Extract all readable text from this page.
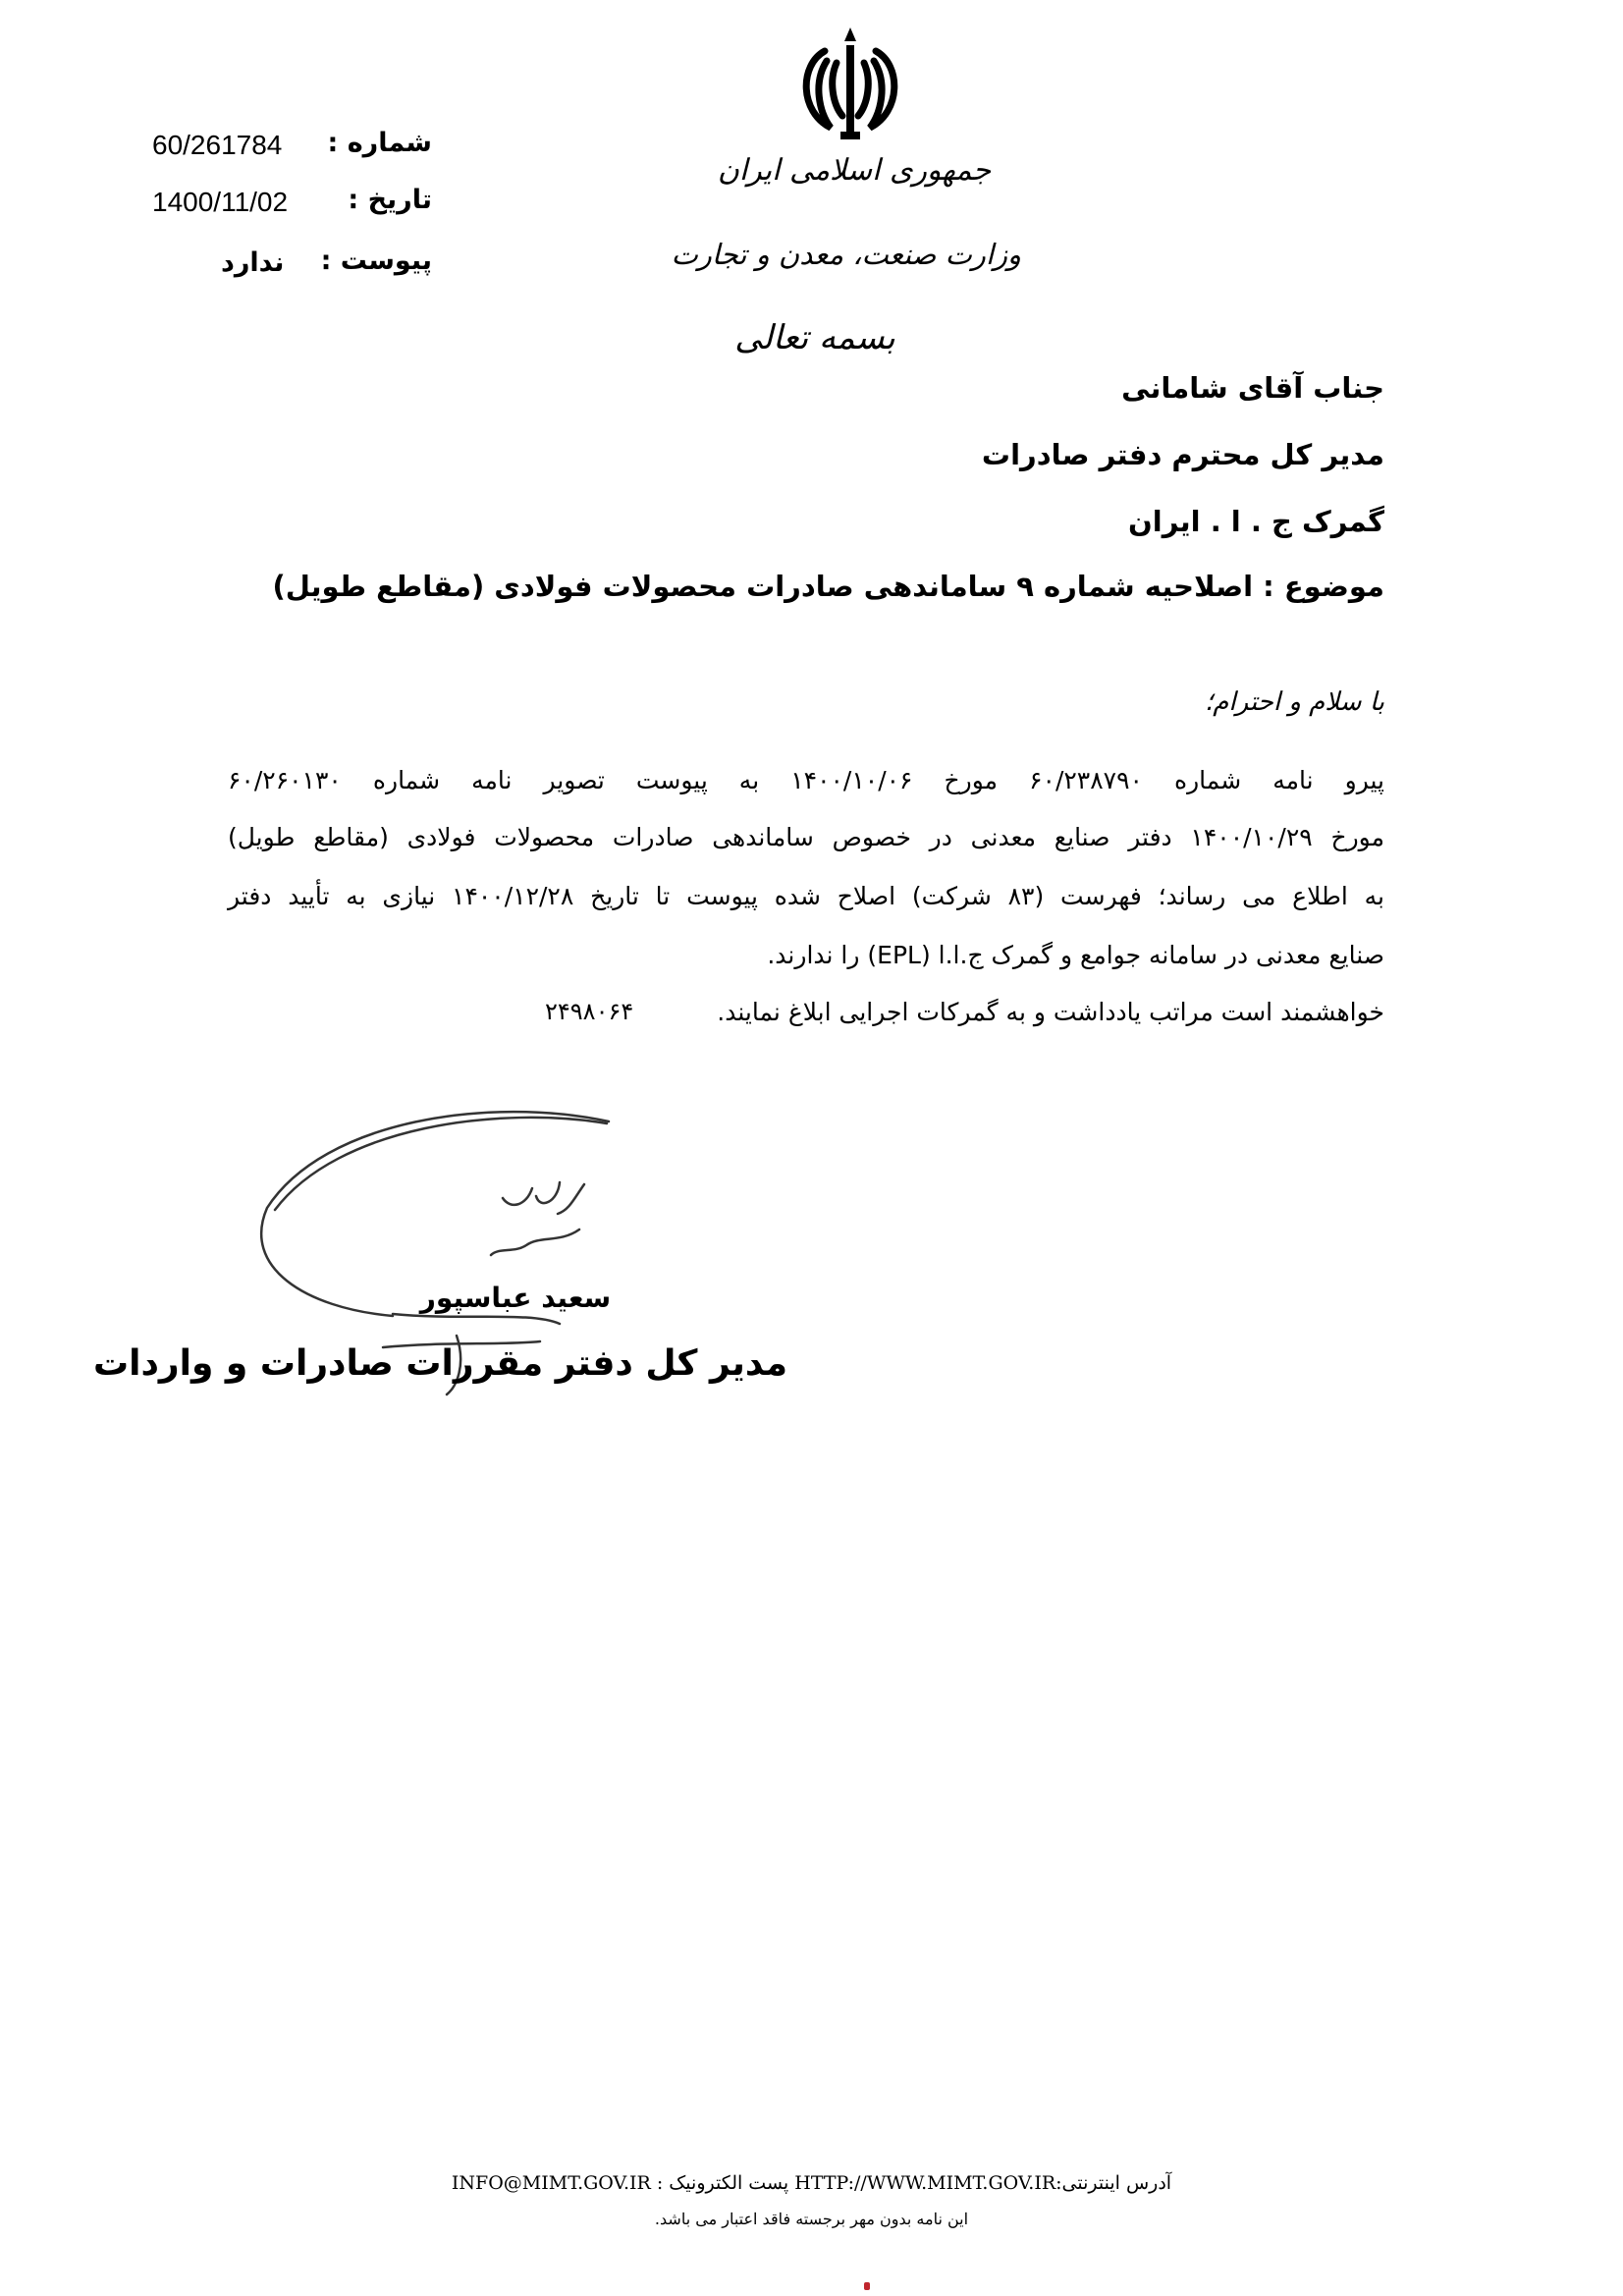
شماره :
60/261784
تاریخ :
1400/11/02
پیوست :
ندارد
جمهوری اسلامی ایران
وزارت صنعت، معدن و تجارت
بسمه تعالی
جناب آقای شامانی
مدیر کل محترم دفتر صادرات
گمرک ج . ا . ایران
موضوع : اصلاحیه شماره ۹ ساماندهی صادرات محصولات فولادی (مقاطع طویل)
با سلام و احترام؛
پیرو نامه شماره ۶۰/۲۳۸۷۹۰ مورخ ۱۴۰۰/۱۰/۰۶ به پیوست تصویر نامه شماره ۶۰/۲۶۰۱۳۰
مورخ ۱۴۰۰/۱۰/۲۹ دفتر صنایع معدنی در خصوص ساماندهی صادرات محصولات فولادی (مقاطع طویل)
به اطلاع می رساند؛ فهرست (۸۳ شرکت) اصلاح شده پیوست تا تاریخ ۱۴۰۰/۱۲/۲۸ نیازی به تأیید دفتر
صنایع معدنی در سامانه جوامع و گمرک ج.ا.ا (EPL) را ندارند.
خواهشمند است مراتب یادداشت و به گمرکات اجرایی ابلاغ نمایند.
۲۴۹۸۰۶۴
سعید عباسپور
مدیر کل دفتر مقررات صادرات و واردات
آدرس اینترنتی:HTTP://WWW.MIMT.GOV.IR پست الکترونیک : INFO@MIMT.GOV.IR
این نامه بدون مهر برجسته فاقد اعتبار می باشد.
